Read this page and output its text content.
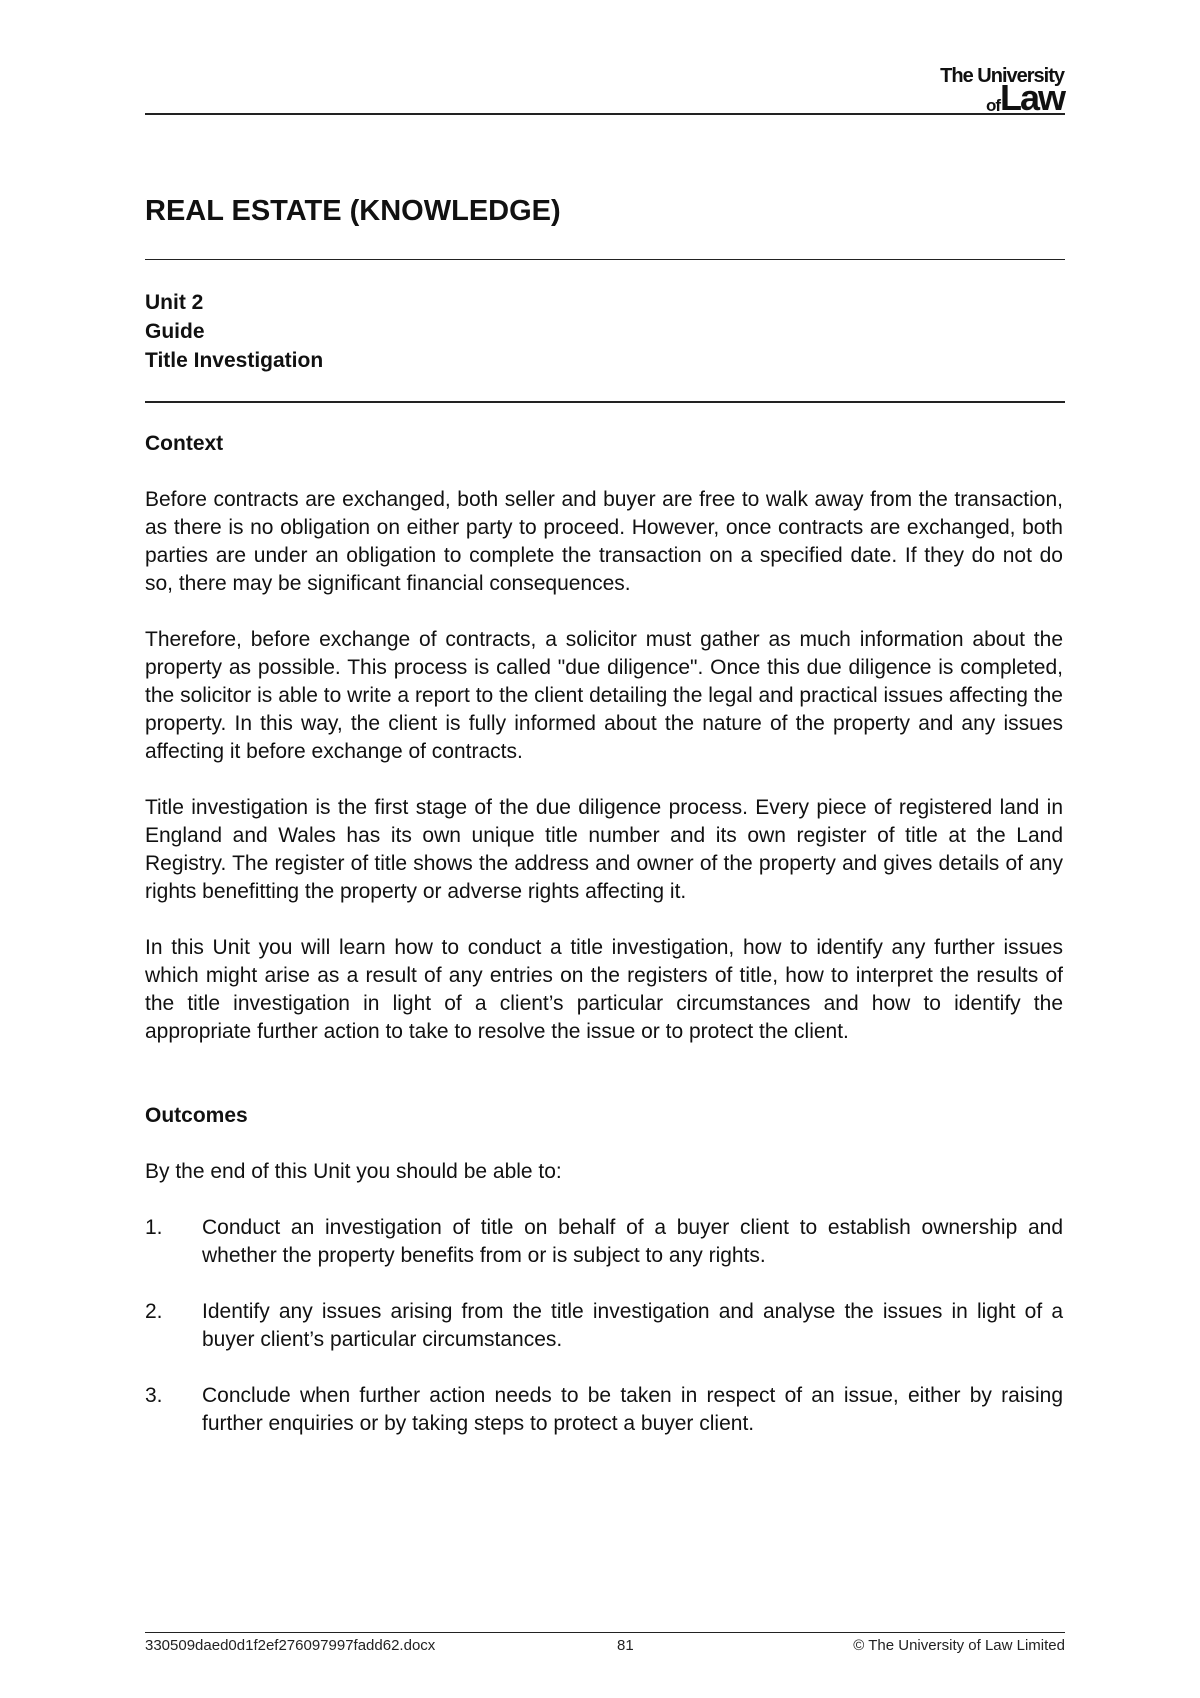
The University
ofLaw
REAL ESTATE (KNOWLEDGE)
Unit 2
Guide
Title Investigation
Context

Before contracts are exchanged, both seller and buyer are free to walk away from the transaction, as there is no obligation on either party to proceed. However, once contracts are exchanged, both parties are under an obligation to complete the transaction on a specified date. If they do not do so, there may be significant financial consequences.

Therefore, before exchange of contracts, a solicitor must gather as much information about the property as possible. This process is called "due diligence". Once this due diligence is completed, the solicitor is able to write a report to the client detailing the legal and practical issues affecting the property. In this way, the client is fully informed about the nature of the property and any issues affecting it before exchange of contracts.

Title investigation is the first stage of the due diligence process. Every piece of registered land in England and Wales has its own unique title number and its own register of title at the Land Registry. The register of title shows the address and owner of the property and gives details of any rights benefitting the property or adverse rights affecting it.

In this Unit you will learn how to conduct a title investigation, how to identify any further issues which might arise as a result of any entries on the registers of title, how to interpret the results of the title investigation in light of a client’s particular circumstances and how to identify the appropriate further action to take to resolve the issue or to protect the client.

Outcomes

By the end of this Unit you should be able to:

1. Conduct an investigation of title on behalf of a buyer client to establish ownership and whether the property benefits from or is subject to any rights.
2. Identify any issues arising from the title investigation and analyse the issues in light of a buyer client’s particular circumstances.
3. Conclude when further action needs to be taken in respect of an issue, either by raising further enquiries or by taking steps to protect a buyer client.
330509daed0d1f2ef276097997fadd62.docx	81	© The University of Law Limited
